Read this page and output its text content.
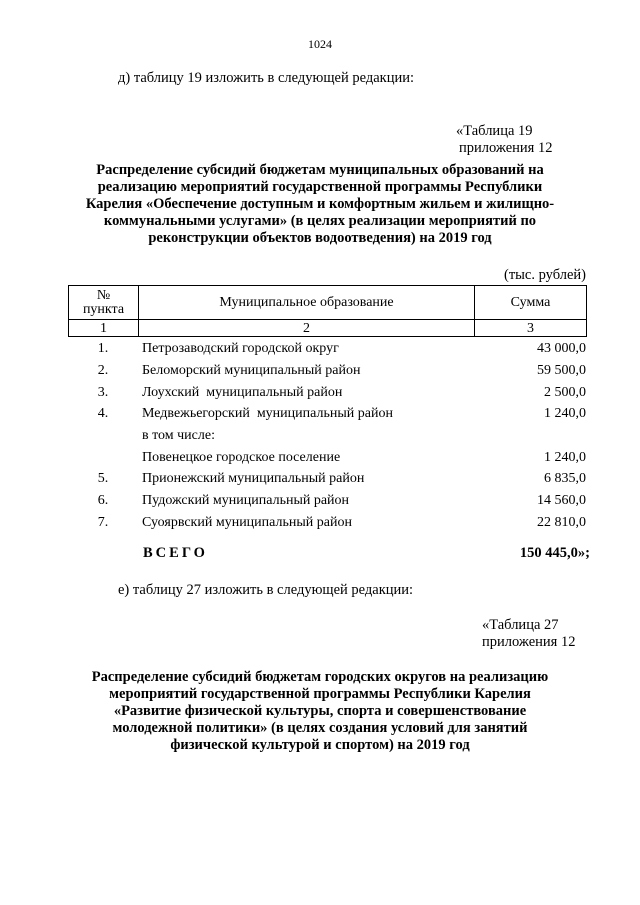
1024
д) таблицу 19 изложить в следующей редакции:
«Таблица 19
приложения 12
Распределение субсидий бюджетам муниципальных образований на
реализацию мероприятий государственной программы Республики
Карелия «Обеспечение доступным и комфортным жильем и жилищно-
коммунальными услугами» (в целях реализации мероприятий по
реконструкции объектов водоотведения) на 2019 год
(тыс. рублей)
№
пункта	Муниципальное образование	Сумма
1	2	3
1.	Петрозаводский городской округ	43 000,0
2.	Беломорский муниципальный район	59 500,0
3.	Лоухский  муниципальный район	2 500,0
4.	Медвежьегорский  муниципальный район	1 240,0
в том числе:
Повенецкое городское поселение	1 240,0
5.	Прионежский муниципальный район	6 835,0
6.	Пудожский муниципальный район	14 560,0
7.	Суоярвский муниципальный район	22 810,0
ВСЕГО	150 445,0»;
е) таблицу 27 изложить в следующей редакции:
«Таблица 27
приложения 12
Распределение субсидий бюджетам городских округов на реализацию
мероприятий государственной программы Республики Карелия
«Развитие физической культуры, спорта и совершенствование
молодежной политики» (в целях создания условий для занятий
физической культурой и спортом) на 2019 год
